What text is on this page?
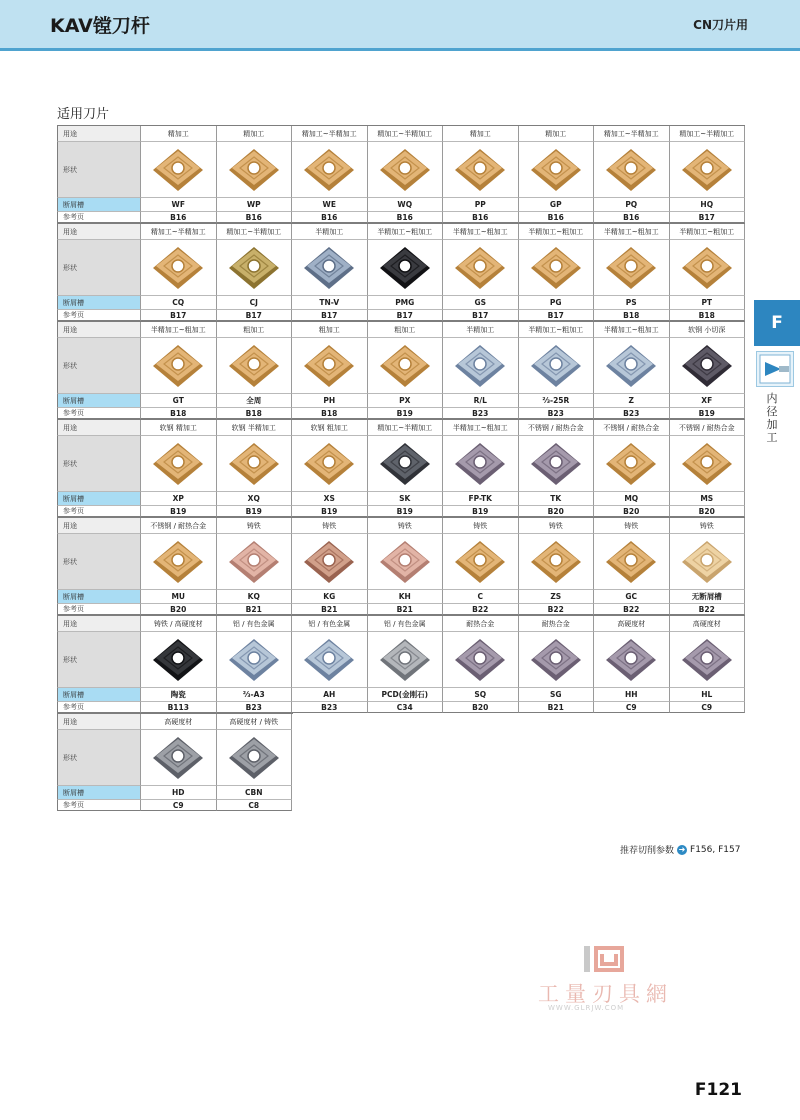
KAV镗刀杆	CN刀片用
适用刀片
用途	精加工	精加工	精加工~半精加工	精加工~半精加工	精加工	精加工	精加工~半精加工	精加工~半精加工
形状
断屑槽	WF	WP	WE	WQ	PP	GP	PQ	HQ
参考页	B16	B16	B16	B16	B16	B16	B16	B17
用途	精加工~半精加工	精加工~半精加工	半精加工	半精加工~粗加工	半精加工~粗加工	半精加工~粗加工	半精加工~粗加工	半精加工~粗加工
形状
断屑槽	CQ	CJ	TN-V	PMG	GS	PG	PS	PT
参考页	B17	B17	B17	B17	B17	B17	B18	B18
用途	半精加工~粗加工	粗加工	粗加工	粗加工	半精加工	半精加工~粗加工	半精加工~粗加工	软钢 小切深
形状
断屑槽	GT	全周	PH	PX	R/L	⅔-25R	Z	XF
参考页	B18	B18	B18	B19	B23	B23	B23	B19
用途	软钢 精加工	软钢 半精加工	软钢 粗加工	精加工~半精加工	半精加工~粗加工	不锈钢 / 耐热合金	不锈钢 / 耐热合金	不锈钢 / 耐热合金
形状
断屑槽	XP	XQ	XS	SK	FP-TK	TK	MQ	MS
参考页	B19	B19	B19	B19	B19	B20	B20	B20
用途	不锈钢 / 耐热合金	铸铁	铸铁	铸铁	铸铁	铸铁	铸铁	铸铁
形状
断屑槽	MU	KQ	KG	KH	C	ZS	GC	无断屑槽
参考页	B20	B21	B21	B21	B22	B22	B22	B22
用途	铸铁 / 高硬度材	铝 / 有色金属	铝 / 有色金属	铝 / 有色金属	耐热合金	耐热合金	高硬度材	高硬度材
形状
断屑槽	陶瓷	⅔-A3	AH	PCD(金刚石)	SQ	SG	HH	HL
参考页	B113	B23	B23	C34	B20	B21	C9	C9
用途	高硬度材	高硬度材 / 铸铁
形状
断屑槽	HD	CBN
参考页	C9	C8
推荐切削参数 ➜ F156, F157
F
内径加工
工量刃具網
WWW.GLRJW.COM
F121
